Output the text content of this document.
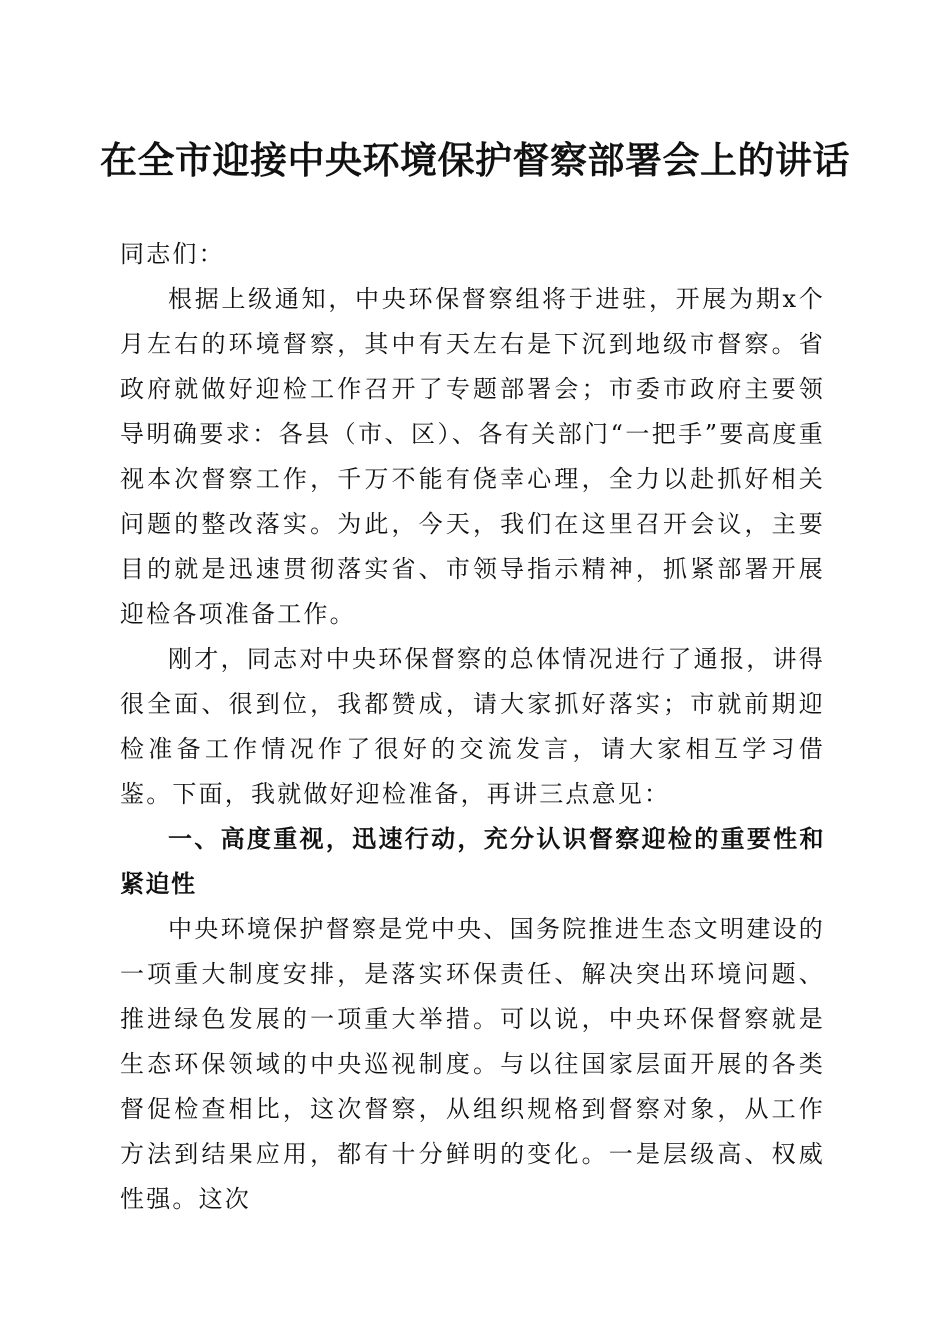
在全市迎接中央环境保护督察部署会上的讲话

同志们：

根据上级通知，中央环保督察组将于进驻，开展为期x个月左右的环境督察，其中有天左右是下沉到地级市督察。省政府就做好迎检工作召开了专题部署会；市委市政府主要领导明确要求：各县（市、区）、各有关部门“一把手”要高度重视本次督察工作，千万不能有侥幸心理，全力以赴抓好相关问题的整改落实。为此，今天，我们在这里召开会议，主要目的就是迅速贯彻落实省、市领导指示精神，抓紧部署开展迎检各项准备工作。

刚才，同志对中央环保督察的总体情况进行了通报，讲得很全面、很到位，我都赞成，请大家抓好落实；市就前期迎检准备工作情况作了很好的交流发言，请大家相互学习借鉴。下面，我就做好迎检准备，再讲三点意见：

一、高度重视，迅速行动，充分认识督察迎检的重要性和紧迫性

中央环境保护督察是党中央、国务院推进生态文明建设的一项重大制度安排，是落实环保责任、解决突出环境问题、推进绿色发展的一项重大举措。可以说，中央环保督察就是生态环保领域的中央巡视制度。与以往国家层面开展的各类督促检查相比，这次督察，从组织规格到督察对象，从工作方法到结果应用，都有十分鲜明的变化。一是层级高、权威性强。这次
